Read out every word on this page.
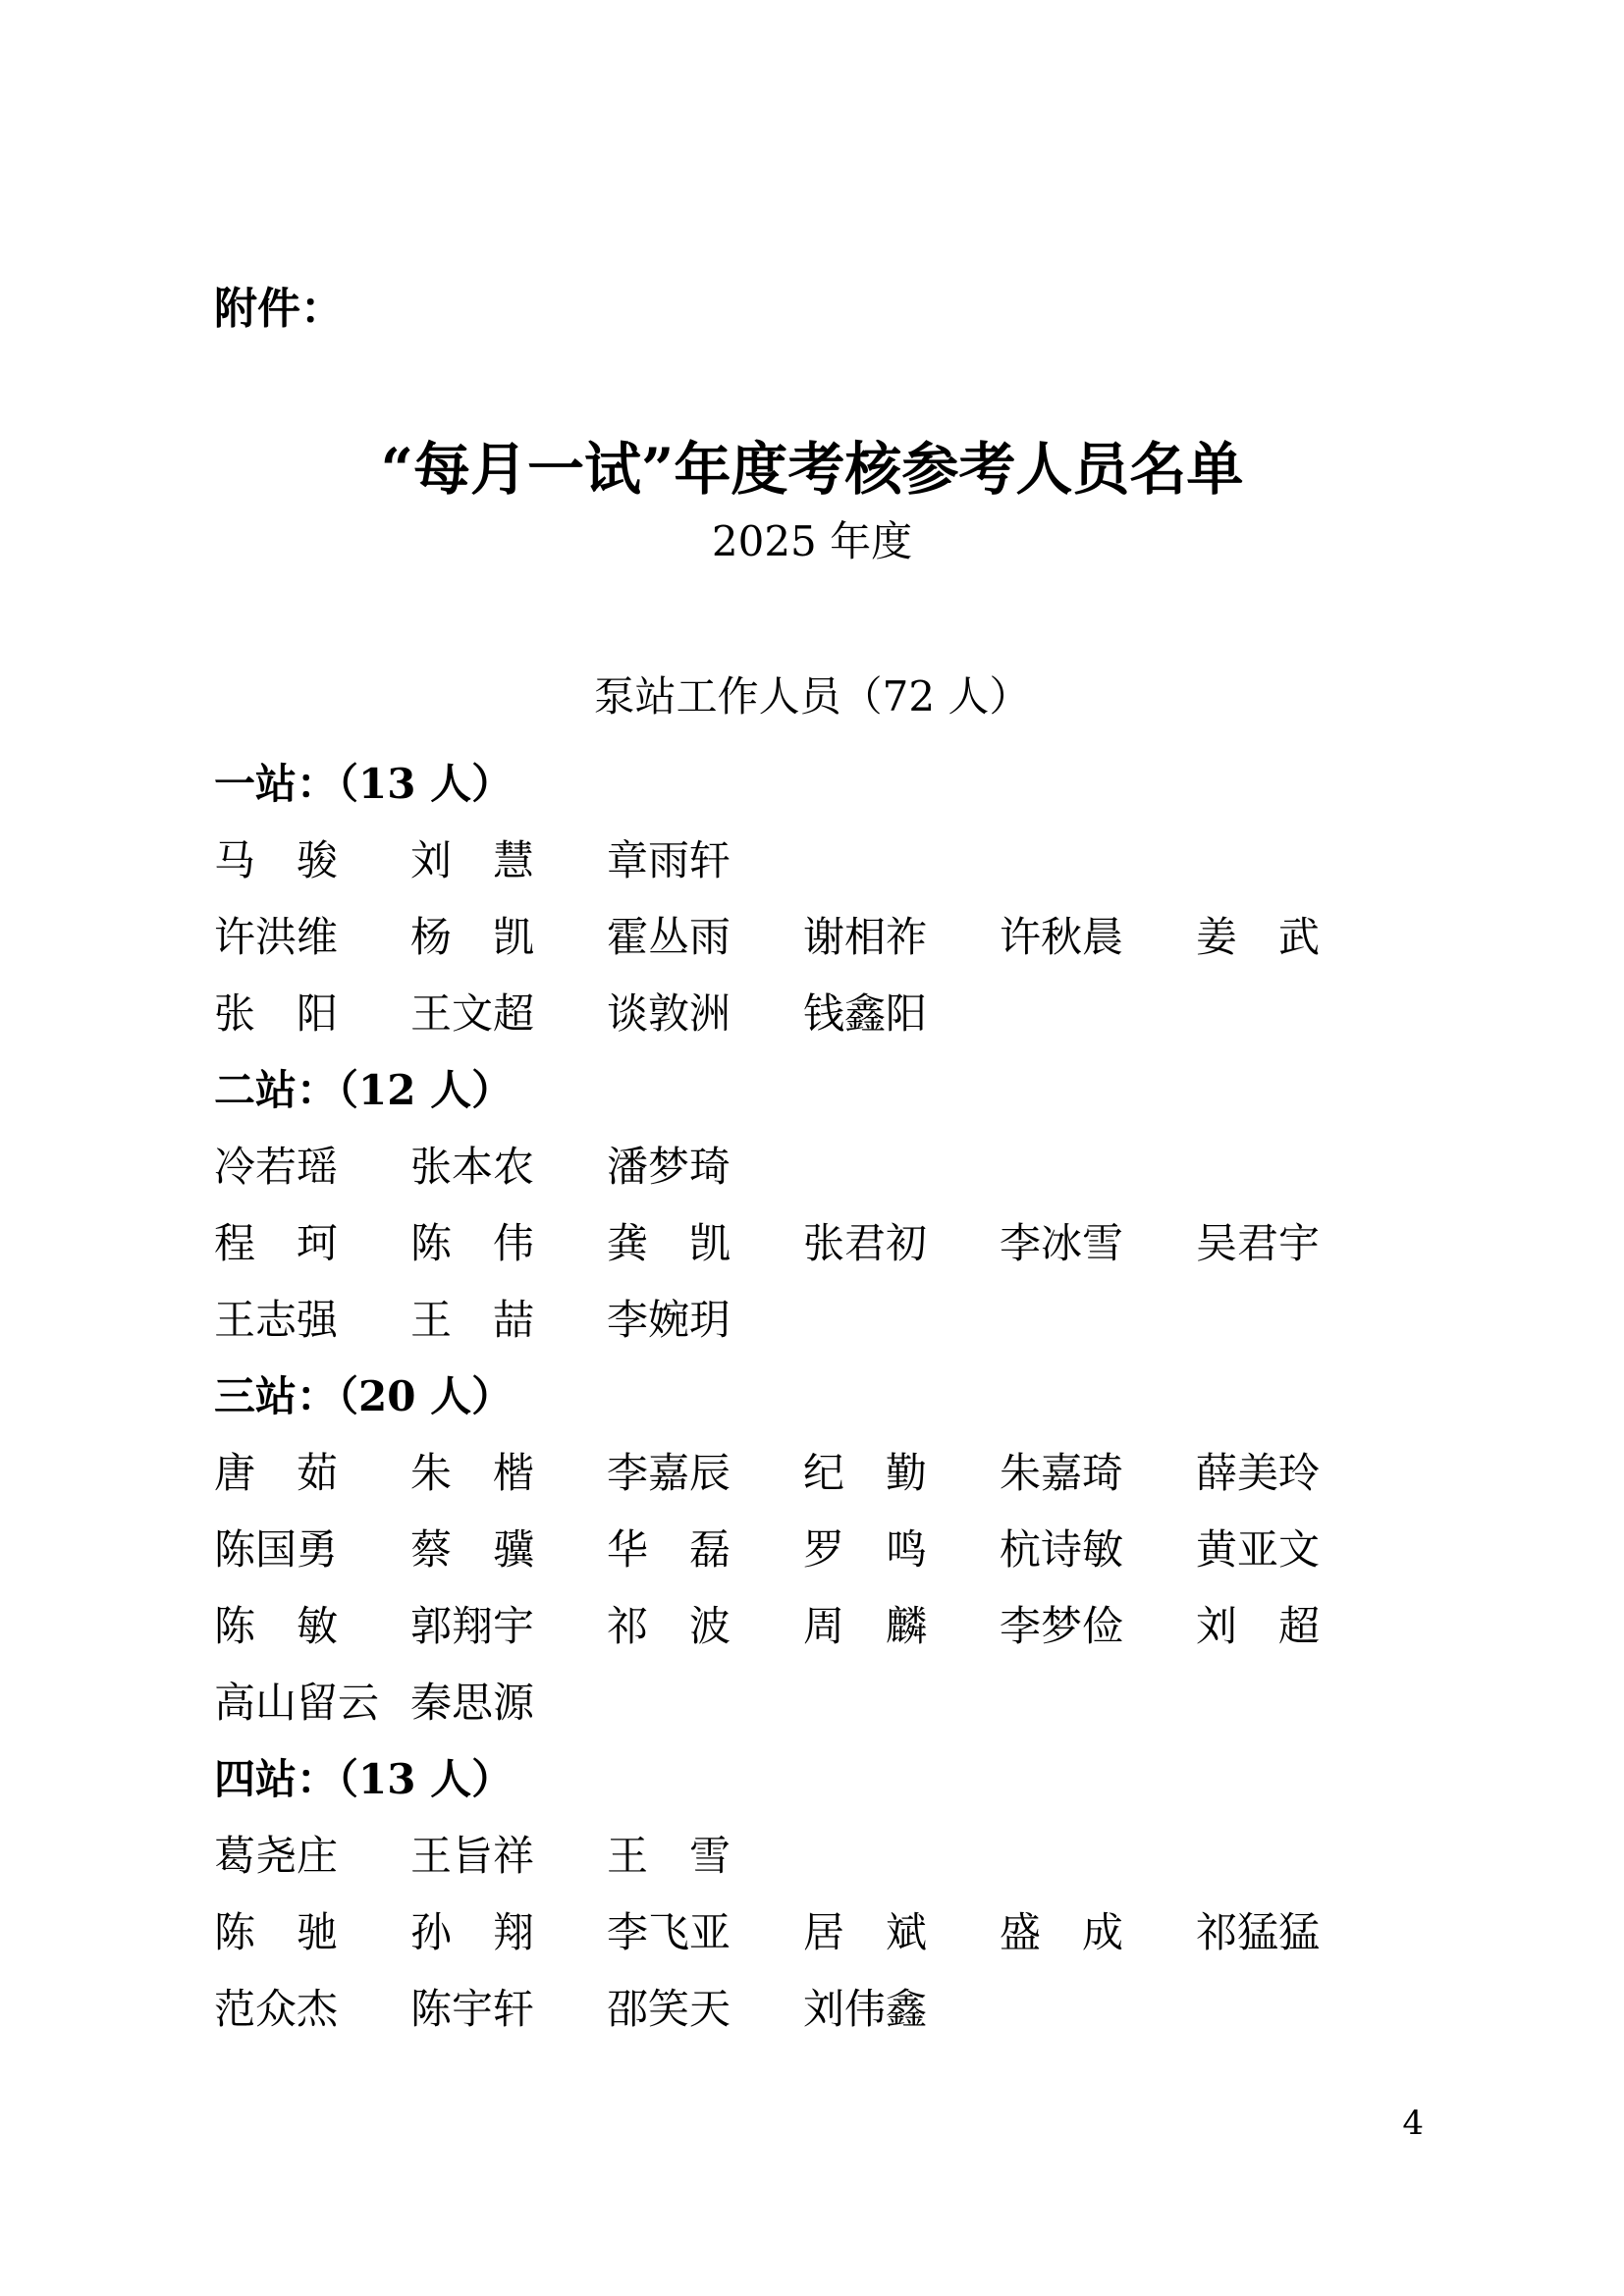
附件：
“每月一试”年度考核参考人员名单
2025 年度
泵站工作人员（72 人）
一站：（13 人）
马　骏 刘　慧 章雨轩
许洪维 杨　凯 霍丛雨 谢相祚 许秋晨 姜　武
张　阳 王文超 谈敦洲 钱鑫阳
二站：（12 人）
冷若瑶 张本农 潘梦琦
程　珂 陈　伟 龚　凯 张君初 李冰雪 吴君宇
王志强 王　喆 李婉玥
三站：（20 人）
唐　茹 朱　楷 李嘉辰 纪　勤 朱嘉琦 薛美玲
陈国勇 蔡　骥 华　磊 罗　鸣 杭诗敏 黄亚文
陈　敏 郭翔宇 祁　波 周　麟 李梦俭 刘　超
高山留云 秦思源
四站：（13 人）
葛尧庄 王旨祥 王　雪
陈　驰 孙　翔 李飞亚 居　斌 盛　成 祁猛猛
范众杰 陈宇轩 邵笑天 刘伟鑫
4
